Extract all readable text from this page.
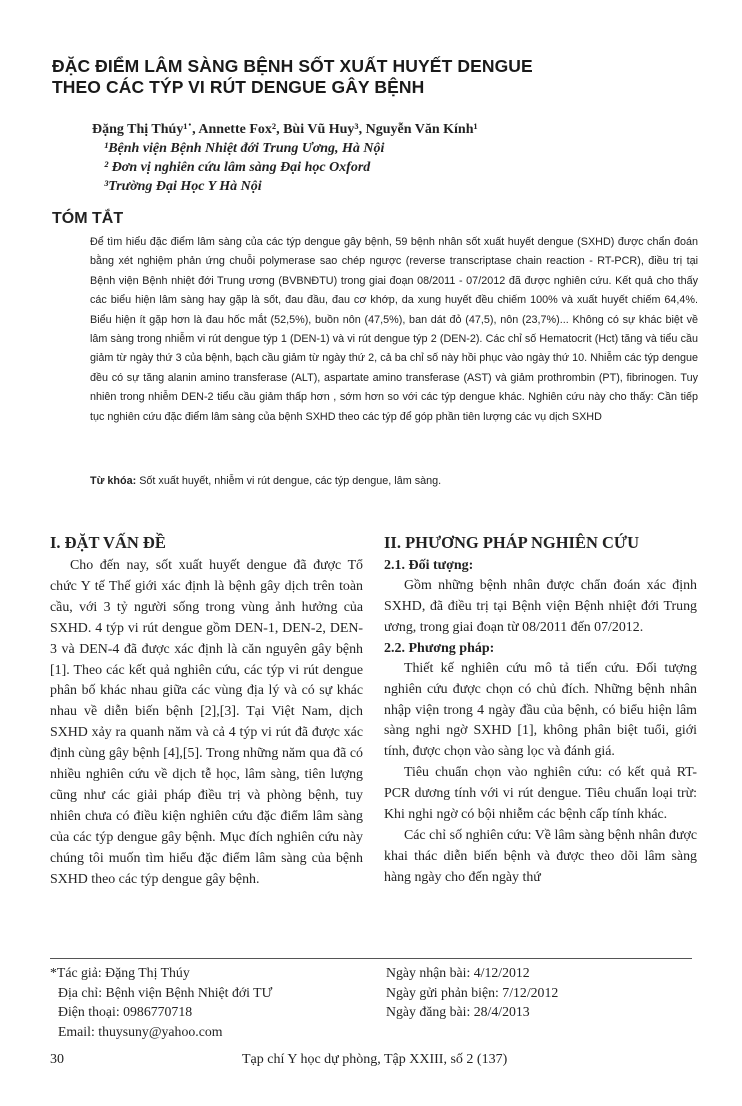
ĐẶC ĐIỂM LÂM SÀNG BỆNH SỐT XUẤT HUYẾT DENGUE
THEO CÁC TÝP VI RÚT DENGUE GÂY BỆNH
Đặng Thị Thúy¹˙, Annette Fox², Bùi Vũ Huy³, Nguyễn Văn Kính¹
¹Bệnh viện Bệnh Nhiệt đới Trung Ương, Hà Nội
² Đơn vị nghiên cứu lâm sàng Đại học Oxford
³Trường Đại Học Y Hà Nội
TÓM TẮT

Để tìm hiểu đặc điểm lâm sàng của các týp dengue gây bệnh, 59 bệnh nhân sốt xuất huyết dengue (SXHD) được chẩn đoán bằng xét nghiệm phản ứng chuỗi polymerase sao chép ngược (reverse transcriptase chain reaction - RT-PCR), điều trị tại Bệnh viện Bệnh nhiệt đới Trung ương (BVBNĐTU) trong giai đoạn 08/2011 - 07/2012 đã được nghiên cứu. Kết quả cho thấy các biểu hiện lâm sàng hay gặp là sốt, đau đầu, đau cơ khớp, da xung huyết đều chiếm 100% và xuất huyết chiếm 64,4%. Biểu hiện ít gặp hơn là đau hốc mắt (52,5%), buồn nôn (47,5%), ban dát đỏ (47,5), nôn (23,7%)... Không có sự khác biệt về lâm sàng trong nhiễm vi rút dengue týp 1 (DEN-1) và vi rút dengue týp 2 (DEN-2). Các chỉ số Hematocrit (Hct) tăng và tiểu cầu giảm từ ngày thứ 3 của bệnh, bạch cầu giảm từ ngày thứ 2, cả ba chỉ số này hồi phục vào ngày thứ 10. Nhiễm các týp dengue đều có sự tăng alanin amino transferase (ALT), aspartate amino transferase (AST) và giảm prothrombin (PT), fibrinogen. Tuy nhiên trong nhiễm DEN-2 tiểu cầu giảm thấp hơn , sớm hơn so với các týp dengue khác. Nghiên cứu này cho thấy: Cần tiếp tục nghiên cứu đặc điểm lâm sàng của bệnh SXHD theo các týp để góp phần tiên lượng các vụ dịch SXHD

Từ khóa: Sốt xuất huyết, nhiễm vi rút dengue, các týp dengue, lâm sàng.
I. ĐẶT VẤN ĐỀ

Cho đến nay, sốt xuất huyết dengue đã được Tổ chức Y tế Thế giới xác định là bệnh gây dịch trên toàn cầu, với 3 tỷ người sống trong vùng ảnh hưởng của SXHD. 4 týp vi rút dengue gồm DEN-1, DEN-2, DEN-3 và DEN-4 đã được xác định là căn nguyên gây bệnh [1]. Theo các kết quả nghiên cứu, các týp vi rút dengue phân bố khác nhau giữa các vùng địa lý và có sự khác nhau về diễn biến bệnh [2],[3]. Tại Việt Nam, dịch SXHD xảy ra quanh năm và cả 4 týp vi rút đã được xác định cùng gây bệnh [4],[5]. Trong những năm qua đã có nhiều nghiên cứu về dịch tễ học, lâm sàng, tiên lượng cũng như các giải pháp điều trị và phòng bệnh, tuy nhiên chưa có điều kiện nghiên cứu đặc điểm lâm sàng của các týp dengue gây bệnh. Mục đích nghiên cứu này chúng tôi muốn tìm hiểu đặc điểm lâm sàng của bệnh SXHD theo các týp dengue gây bệnh.

II. PHƯƠNG PHÁP NGHIÊN CỨU
2.1. Đối tượng:

Gồm những bệnh nhân được chẩn đoán xác định SXHD, đã điều trị tại Bệnh viện Bệnh nhiệt đới Trung ương, trong giai đoạn từ 08/2011 đến 07/2012.

2.2. Phương pháp:

Thiết kế nghiên cứu mô tả tiến cứu. Đối tượng nghiên cứu được chọn có chủ đích. Những bệnh nhân nhập viện trong 4 ngày đầu của bệnh, có biểu hiện lâm sàng nghi ngờ SXHD [1], không phân biệt tuổi, giới tính, được chọn vào sàng lọc và đánh giá.

Tiêu chuẩn chọn vào nghiên cứu: có kết quả RT-PCR dương tính với vi rút dengue. Tiêu chuẩn loại trừ: Khi nghi ngờ có bội nhiễm các bệnh cấp tính khác.

Các chỉ số nghiên cứu: Về lâm sàng bệnh nhân được khai thác diễn biến bệnh và được theo dõi lâm sàng hàng ngày cho đến ngày thứ

*Tác giả: Đặng Thị Thúy
Địa chỉ: Bệnh viện Bệnh Nhiệt đới TƯ
Điện thoại: 0986770718
Email: thuysuny@yahoo.com
Ngày nhận bài: 4/12/2012
Ngày gửi phản biện: 7/12/2012
Ngày đăng bài: 28/4/2013
30	Tạp chí Y học dự phòng, Tập XXIII, số 2 (137)
